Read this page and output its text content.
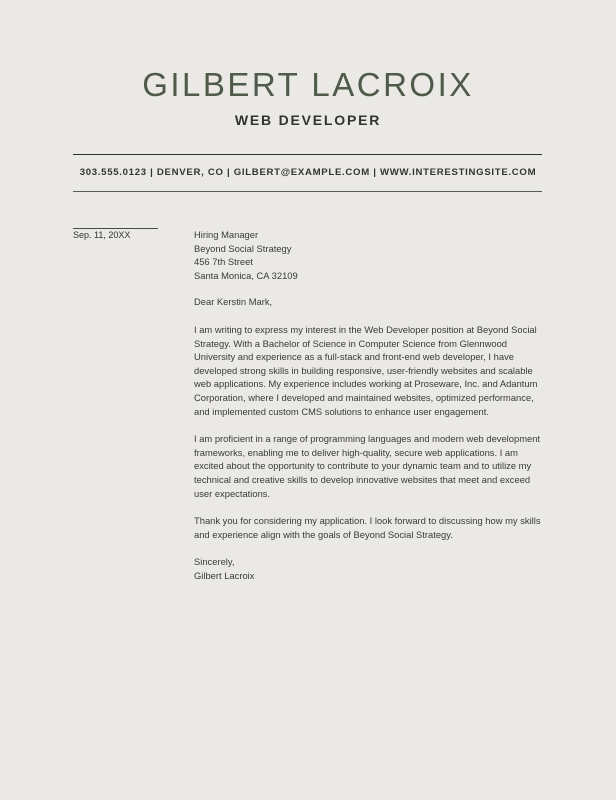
GILBERT LACROIX
WEB DEVELOPER
303.555.0123 | DENVER, CO | GILBERT@EXAMPLE.COM | WWW.INTERESTINGSITE.COM
Sep. 11, 20XX	Hiring Manager
Beyond Social Strategy
456 7th Street
Santa Monica, CA 32109

Dear Kerstin Mark,

I am writing to express my interest in the Web Developer position at Beyond Social Strategy. With a Bachelor of Science in Computer Science from Glennwood University and experience as a full-stack and front-end web developer, I have developed strong skills in building responsive, user-friendly websites and scalable web applications. My experience includes working at Proseware, Inc. and Adantum Corporation, where I developed and maintained websites, optimized performance, and implemented custom CMS solutions to enhance user engagement.

I am proficient in a range of programming languages and modern web development frameworks, enabling me to deliver high-quality, secure web applications. I am excited about the opportunity to contribute to your dynamic team and to utilize my technical and creative skills to develop innovative websites that meet and exceed user expectations.

Thank you for considering my application. I look forward to discussing how my skills and experience align with the goals of Beyond Social Strategy.

Sincerely,
Gilbert Lacroix
